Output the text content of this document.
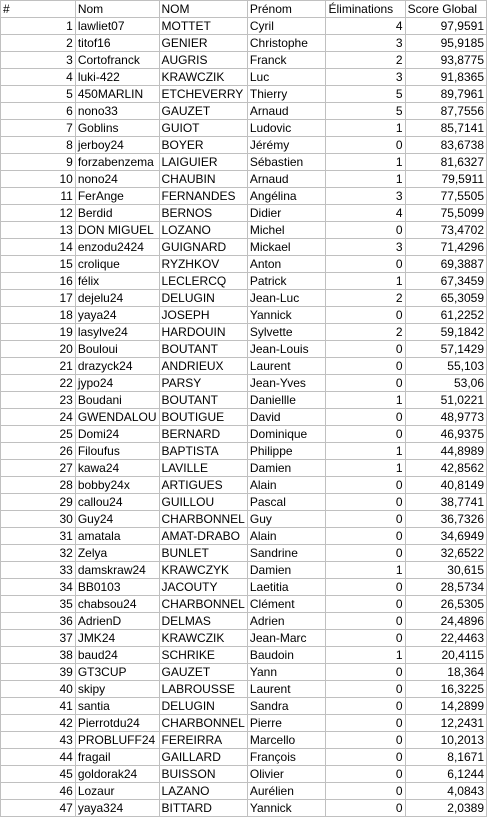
#	Nom	NOM	Prénom	Éliminations	Score Global
1	lawliet07	MOTTET	Cyril	4	97,9591
2	titof16	GENIER	Christophe	3	95,9185
3	Cortofranck	AUGRIS	Franck	2	93,8775
4	luki-422	KRAWCZIK	Luc	3	91,8365
5	450MARLIN	ETCHEVERRY	Thierry	5	89,7961
6	nono33	GAUZET	Arnaud	5	87,7556
7	Goblins	GUIOT	Ludovic	1	85,7141
8	jerboy24	BOYER	Jérémy	0	83,6738
9	forzabenzema	LAIGUIER	Sébastien	1	81,6327
10	nono24	CHAUBIN	Arnaud	1	79,5911
11	FerAnge	FERNANDES	Angélina	3	77,5505
12	Berdid	BERNOS	Didier	4	75,5099
13	DON MIGUEL	LOZANO	Michel	0	73,4702
14	enzodu2424	GUIGNARD	Mickael	3	71,4296
15	crolique	RYZHKOV	Anton	0	69,3887
16	félix	LECLERCQ	Patrick	1	67,3459
17	dejelu24	DELUGIN	Jean-Luc	2	65,3059
18	yaya24	JOSEPH	Yannick	0	61,2252
19	lasylve24	HARDOUIN	Sylvette	2	59,1842
20	Bouloui	BOUTANT	Jean-Louis	0	57,1429
21	drazyck24	ANDRIEUX	Laurent	0	55,103
22	jypo24	PARSY	Jean-Yves	0	53,06
23	Boudani	BOUTANT	Daniellle	1	51,0221
24	GWENDALOU	BOUTIGUE	David	0	48,9773
25	Domi24	BERNARD	Dominique	0	46,9375
26	Filoufus	BAPTISTA	Philippe	1	44,8989
27	kawa24	LAVILLE	Damien	1	42,8562
28	bobby24x	ARTIGUES	Alain	0	40,8149
29	callou24	GUILLOU	Pascal	0	38,7741
30	Guy24	CHARBONNEL	Guy	0	36,7326
31	amatala	AMAT-DRABO	Alain	0	34,6949
32	Zelya	BUNLET	Sandrine	0	32,6522
33	damskraw24	KRAWCZYK	Damien	1	30,615
34	BB0103	JACOUTY	Laetitia	0	28,5734
35	chabsou24	CHARBONNEL	Clément	0	26,5305
36	AdrienD	DELMAS	Adrien	0	24,4896
37	JMK24	KRAWCZIK	Jean-Marc	0	22,4463
38	baud24	SCHRIKE	Baudoin	1	20,4115
39	GT3CUP	GAUZET	Yann	0	18,364
40	skipy	LABROUSSE	Laurent	0	16,3225
41	santia	DELUGIN	Sandra	0	14,2899
42	Pierrotdu24	CHARBONNEL	Pierre	0	12,2431
43	PROBLUFF24	FEREIRRA	Marcello	0	10,2013
44	fragail	GAILLARD	François	0	8,1671
45	goldorak24	BUISSON	Olivier	0	6,1244
46	Lozaur	LAZANO	Aurélien	0	4,0843
47	yaya324	BITTARD	Yannick	0	2,0389
